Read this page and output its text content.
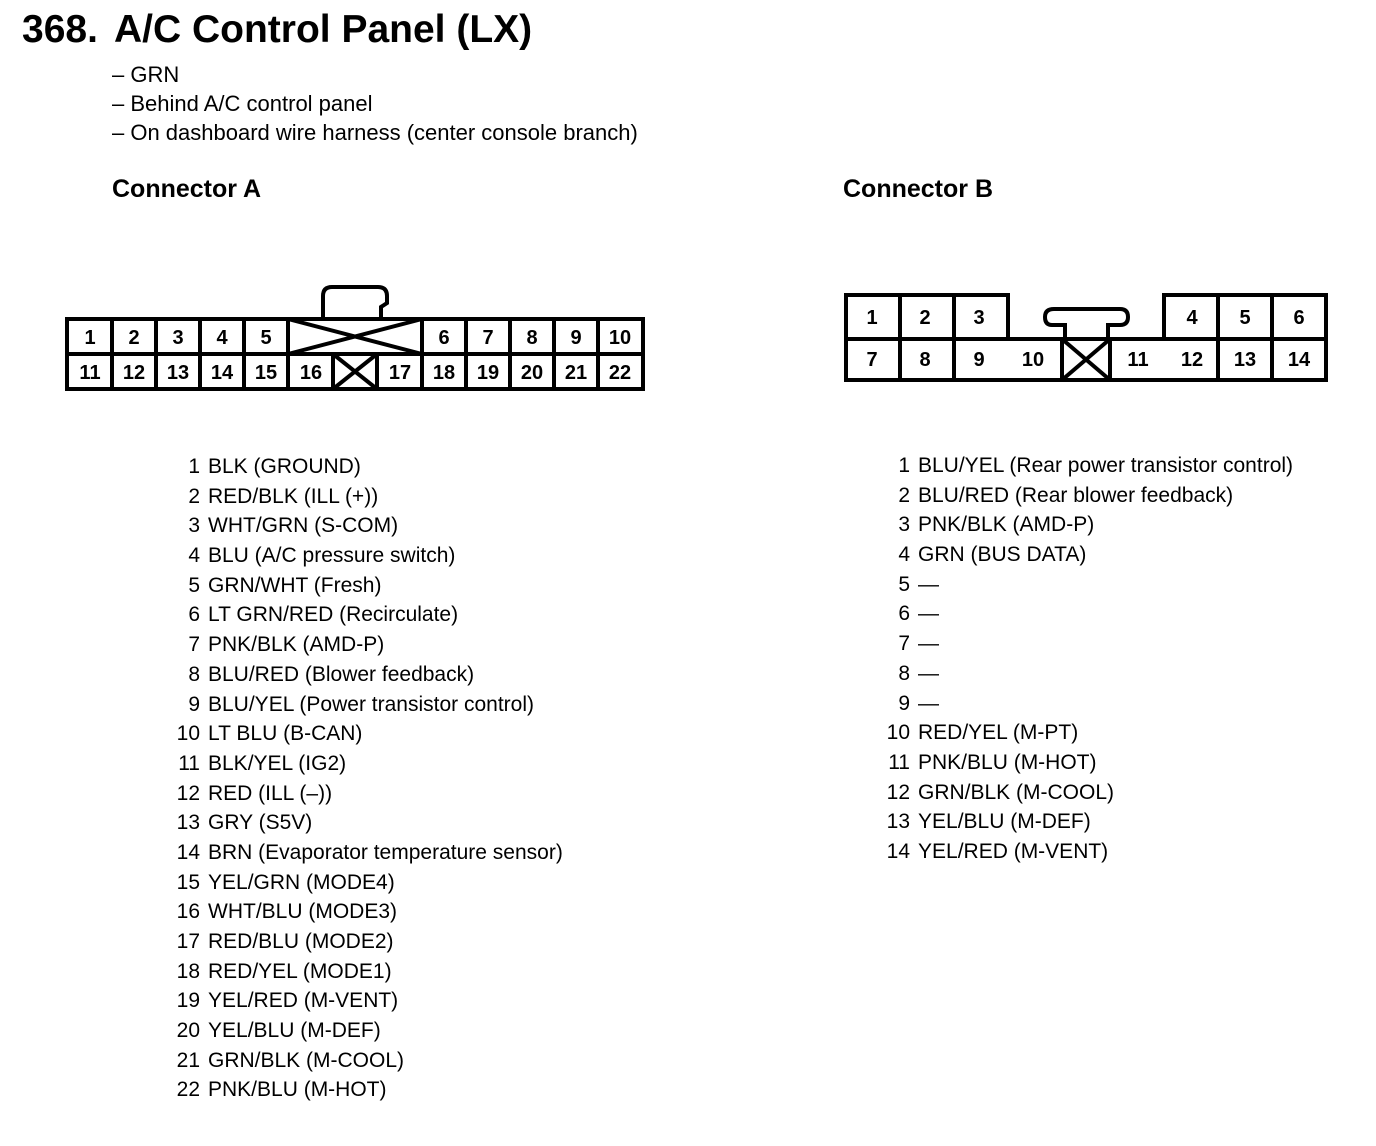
368. A/C Control Panel (LX)
– GRN
– Behind A/C control panel
– On dashboard wire harness (center console branch)
Connector A	Connector B
1 2 3 4 5	6 7 8 9 10
11 12 13 14 15 16	17 18 19 20 21 22
1 2 3	4 5 6
7 8 9 10	11 12 13 14
1 BLK (GROUND)
2 RED/BLK (ILL (+))
3 WHT/GRN (S-COM)
4 BLU (A/C pressure switch)
5 GRN/WHT (Fresh)
6 LT GRN/RED (Recirculate)
7 PNK/BLK (AMD-P)
8 BLU/RED (Blower feedback)
9 BLU/YEL (Power transistor control)
10 LT BLU (B-CAN)
11 BLK/YEL (IG2)
12 RED (ILL (–))
13 GRY (S5V)
14 BRN (Evaporator temperature sensor)
15 YEL/GRN (MODE4)
16 WHT/BLU (MODE3)
17 RED/BLU (MODE2)
18 RED/YEL (MODE1)
19 YEL/RED (M-VENT)
20 YEL/BLU (M-DEF)
21 GRN/BLK (M-COOL)
22 PNK/BLU (M-HOT)
1 BLU/YEL (Rear power transistor control)
2 BLU/RED (Rear blower feedback)
3 PNK/BLK (AMD-P)
4 GRN (BUS DATA)
5 —
6 —
7 —
8 —
9 —
10 RED/YEL (M-PT)
11 PNK/BLU (M-HOT)
12 GRN/BLK (M-COOL)
13 YEL/BLU (M-DEF)
14 YEL/RED (M-VENT)
